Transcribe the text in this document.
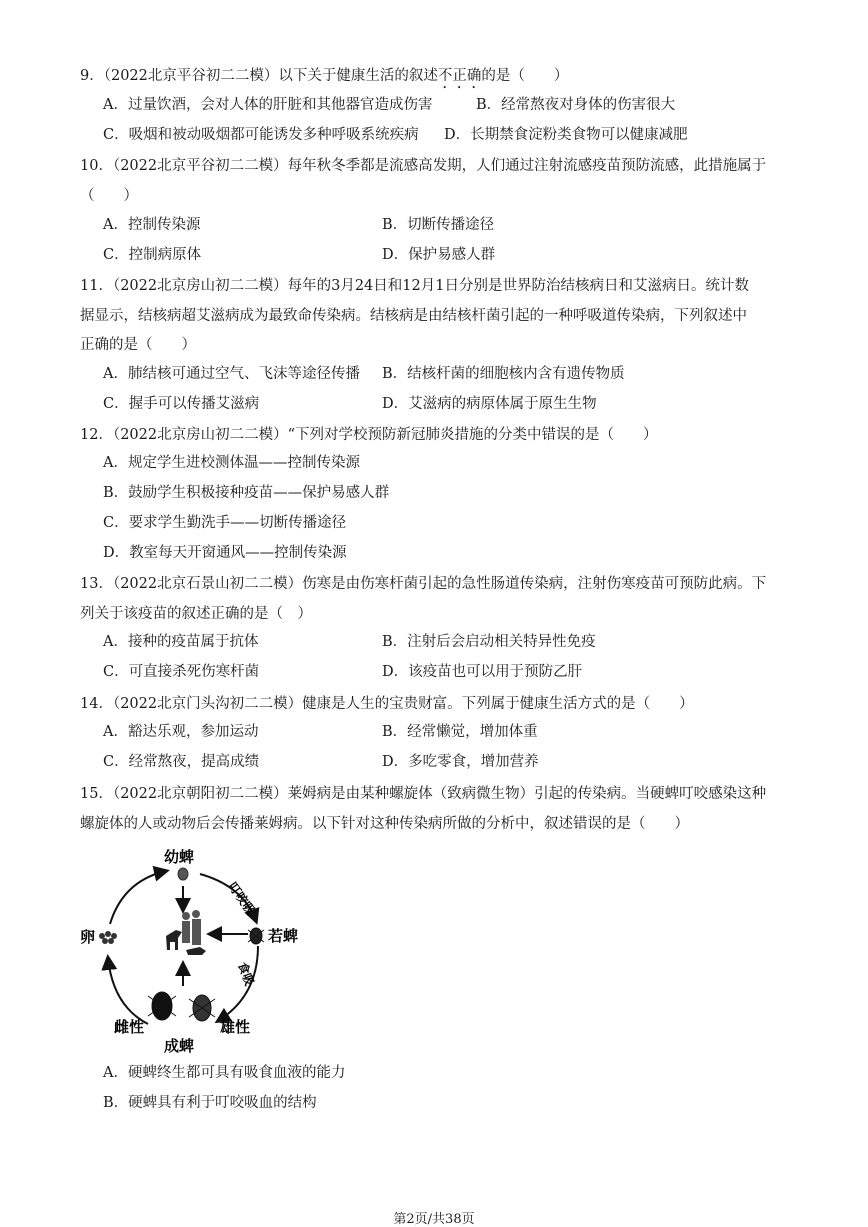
9．（2022北京平谷初二二模）以下关于健康生活的叙述不正确的是（　　）
A．过量饮酒，会对人体的肝脏和其他器官造成伤害	B．经常熬夜对身体的伤害很大
C．吸烟和被动吸烟都可能诱发多种呼吸系统疾病 D．长期禁食淀粉类食物可以健康减肥
10．（2022北京平谷初二二模）每年秋冬季都是流感高发期，人们通过注射流感疫苗预防流感，此措施属于
（　　）
A．控制传染源	B．切断传播途径
C．控制病原体	D．保护易感人群
11．（2022北京房山初二二模）每年的3月24日和12月1日分别是世界防治结核病日和艾滋病日。统计数
据显示，结核病超艾滋病成为最致命传染病。结核病是由结核杆菌引起的一种呼吸道传染病，下列叙述中
正确的是（　　）
A．肺结核可通过空气、飞沫等途径传播 B．结核杆菌的细胞核内含有遗传物质
C．握手可以传播艾滋病	D．艾滋病的病原体属于原生生物
12．（2022北京房山初二二模）“下列对学校预防新冠肺炎措施的分类中错误的是（　　）
A．规定学生进校测体温——控制传染源
B．鼓励学生积极接种疫苗——保护易感人群
C．要求学生勤洗手——切断传播途径
D．教室每天开窗通风——控制传染源
13．（2022北京石景山初二二模）伤寒是由伤寒杆菌引起的急性肠道传染病，注射伤寒疫苗可预防此病。下
列关于该疫苗的叙述正确的是（　）
A．接种的疫苗属于抗体	B．注射后会启动相关特异性免疫
C．可直接杀死伤寒杆菌	D．该疫苗也可以用于预防乙肝
14．（2022北京门头沟初二二模）健康是人生的宝贵财富。下列属于健康生活方式的是（　　）
A．豁达乐观，参加运动	B．经常懒觉，增加体重
C．经常熬夜，提高成绩	D．多吃零食，增加营养
15．（2022北京朝阳初二二模）莱姆病是由某种螺旋体（致病微生物）引起的传染病。当硬蜱叮咬感染这种
螺旋体的人或动物后会传播莱姆病。以下针对这种传染病所做的分析中，叙述错误的是（　　）
幼蜱
若蜱
成蜱
卵
雌性	雄性
叮咬吸
食吸
A．硬蜱终生都可具有吸食血液的能力
B．硬蜱具有利于叮咬吸血的结构
第2页/共38页
